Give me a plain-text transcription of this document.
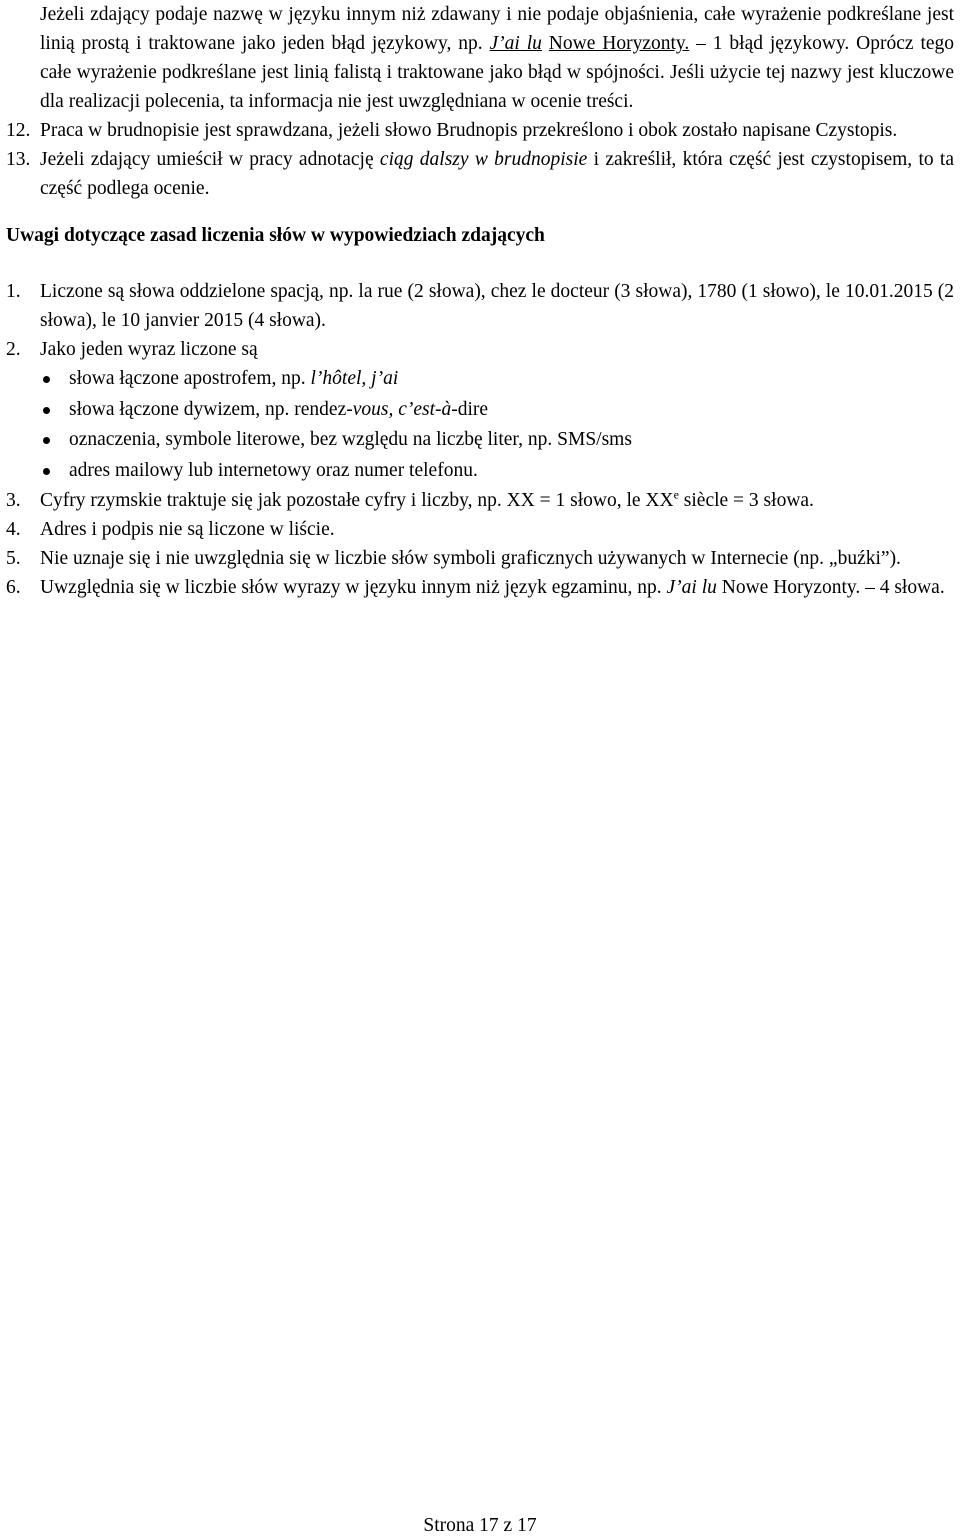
Jeżeli zdający podaje nazwę w języku innym niż zdawany i nie podaje objaśnienia, całe wyrażenie podkreślane jest linią prostą i traktowane jako jeden błąd językowy, np. J’ai lu Nowe Horyzonty. – 1 błąd językowy. Oprócz tego całe wyrażenie podkreślane jest linią falistą i traktowane jako błąd w spójności. Jeśli użycie tej nazwy jest kluczowe dla realizacji polecenia, ta informacja nie jest uwzględniana w ocenie treści.

12. Praca w brudnopisie jest sprawdzana, jeżeli słowo Brudnopis przekreślono i obok zostało napisane Czystopis.

13. Jeżeli zdający umieścił w pracy adnotację ciąg dalszy w brudnopisie i zakreślił, która część jest czystopisem, to ta część podlega ocenie.

Uwagi dotyczące zasad liczenia słów w wypowiedziach zdających

1. Liczone są słowa oddzielone spacją, np. la rue (2 słowa), chez le docteur (3 słowa), 1780 (1 słowo), le 10.01.2015 (2 słowa), le 10 janvier 2015 (4 słowa).

2. Jako jeden wyraz liczone są

słowa łączone apostrofem, np. l’hôtel, j’ai
słowa łączone dywizem, np. rendez-vous, c’est-à-dire
oznaczenia, symbole literowe, bez względu na liczbę liter, np. SMS/sms
adres mailowy lub internetowy oraz numer telefonu.

3. Cyfry rzymskie traktuje się jak pozostałe cyfry i liczby, np. XX = 1 słowo, le XXe siècle = 3 słowa.

4. Adres i podpis nie są liczone w liście.

5. Nie uznaje się i nie uwzględnia się w liczbie słów symboli graficznych używanych w Internecie (np. „buźki”).

6. Uwzględnia się w liczbie słów wyrazy w języku innym niż język egzaminu, np. J’ai lu Nowe Horyzonty. – 4 słowa.

Strona 17 z 17
